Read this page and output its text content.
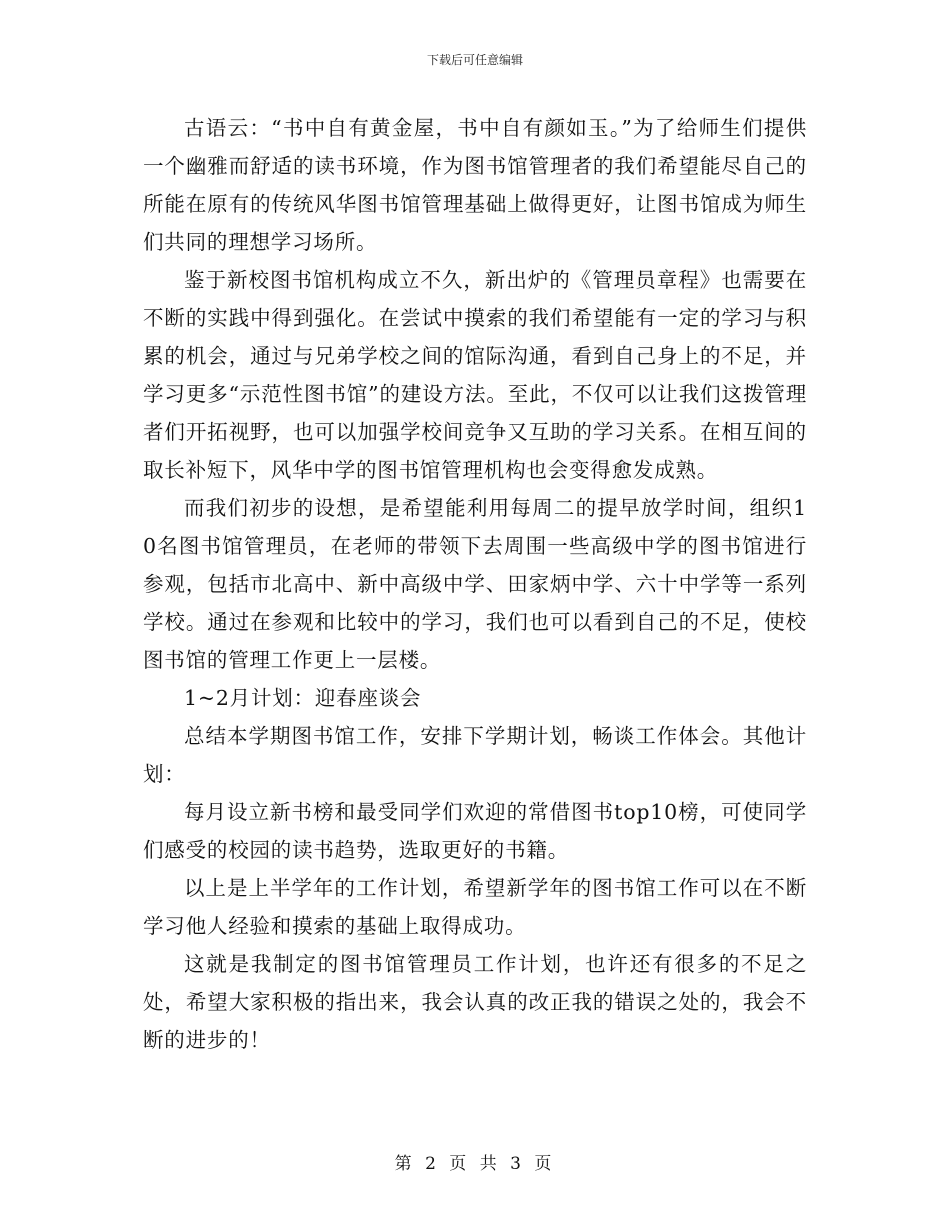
下载后可任意编辑

古语云：“书中自有黄金屋，书中自有颜如玉。”为了给师生们提供一个幽雅而舒适的读书环境，作为图书馆管理者的我们希望能尽自己的所能在原有的传统风华图书馆管理基础上做得更好，让图书馆成为师生们共同的理想学习场所。

鉴于新校图书馆机构成立不久，新出炉的《管理员章程》也需要在不断的实践中得到强化。在尝试中摸索的我们希望能有一定的学习与积累的机会，通过与兄弟学校之间的馆际沟通，看到自己身上的不足，并学习更多“示范性图书馆”的建设方法。至此，不仅可以让我们这拨管理者们开拓视野，也可以加强学校间竞争又互助的学习关系。在相互间的取长补短下，风华中学的图书馆管理机构也会变得愈发成熟。

而我们初步的设想，是希望能利用每周二的提早放学时间，组织10名图书馆管理员，在老师的带领下去周围一些高级中学的图书馆进行参观，包括市北高中、新中高级中学、田家炳中学、六十中学等一系列学校。通过在参观和比较中的学习，我们也可以看到自己的不足，使校图书馆的管理工作更上一层楼。

1~2月计划：迎春座谈会

总结本学期图书馆工作，安排下学期计划，畅谈工作体会。其他计划：

每月设立新书榜和最受同学们欢迎的常借图书top10榜，可使同学们感受的校园的读书趋势，选取更好的书籍。

以上是上半学年的工作计划，希望新学年的图书馆工作可以在不断学习他人经验和摸索的基础上取得成功。

这就是我制定的图书馆管理员工作计划，也许还有很多的不足之处，希望大家积极的指出来，我会认真的改正我的错误之处的，我会不断的进步的！

第 2 页 共 3 页
